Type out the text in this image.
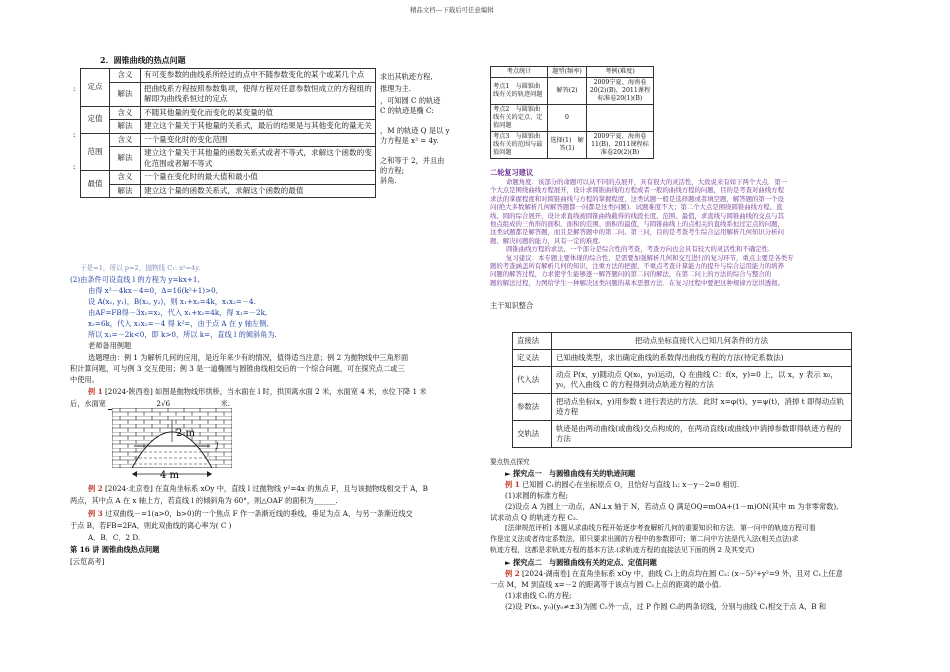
精品文档---下载后可任意编辑
2．圆锥曲线的热点问题
:
:
:
求出其轨迹方程,
推理为主.
，可知圆 C 的轨迹
C 的轨迹是椭 C:
，M 的轨迹 Q 是以 y
力方程是 x² = 4y.
之和等于 2，并且由
的方程;
斜角.
定点	含义	有可变参数的曲线系所经过的点中不随参数变化的某个或某几个点
	解法	把曲线系方程按照参数集项，使得方程对任意参数恒成立的方程组的解即为曲线系恒过的定点
定值	含义	不随其他量的变化而变化的某变量的值
	解法	建立这个量关于其他量的关系式，最后的结果是与其他变化的量无关
范围	含义	一个量变化时的变化范围
	解法	建立这个量关于其他量的函数关系式或者不等式，求解这个函数的变化范围或者解不等式
最值	含义	一个量在变化时的最大值和最小值
	解法	建立这个量的函数关系式，求解这个函数的最值
于是=1，所以 p=2，抛物线 C₁: x²=4y.
(2)由条件可设直线 l 的方程为 y=kx+1,
由得 x²－4kx－4=0，Δ=16(k²+1)>0,
设 A(x₁, y₁)，B(x₂, y₂)，则 x₁+x₂=4k，x₁x₂=－4.
由AF=FB得－3x₁=x₂，代入 x₁+x₂=4k，得 x₁=－2k,
x₂=6k，代入 x₁x₂=－4 得 k²=，由于点 A 在 y 轴左侧,
所以 x₁=－2k<0，即 k>0，所以 k=，直线 l 的倾斜角为.
老师备用例题
选题理由：例 1 为解析几何的应用，是近年来少有的情况，值得适当注意；例 2 为抛物线中三角形面
积计算问题，可与例 3 交互使用；例 3 是一道椭圆与圆锥曲线相交后的一个综合问题，可在探究点二或三
中使用。
例 1 [2024·陕西卷] 如图是抛物线形拱桥，当水面在 l 时，拱顶离水面 2 米，水面宽 4 米，水位下降 1 米
后，水面宽	2√6	米.
2 m
l
4 m
例 2 [2024·北京卷] 在直角坐标系 xOy 中，直线 l 过抛物线 y²=4x 的焦点 F，且与该抛物线相交于 A，B
两点，其中点 A 在 x 轴上方，若直线 l 的倾斜角为 60°，则△OAF 的面积为______.
例 3 过双曲线－=1(a>0，b>0)的一个焦点 F 作一条渐近线的垂线，垂足为点 A，与另一条渐近线交
于点 B，若FB=2FA，则此双曲线的离心率为( C )
A．B．C．2 D.
第 16 讲 圆锥曲线热点问题
[云览高考]
考点统计	题型(频率)	考例(难度)
考点1　与圆锥曲线有关的轨迹问题	解答(2)	2009宁夏、海南卷20(2)(B)，2011课程标准卷20(1)(B)
考点2　与圆锥曲线有关的定点、定值问题	0	
考点3　与圆锥曲线有关的范围与最值问题	选择(1)　解答(1)	2009宁夏、海南卷11(B)，2011课程标准卷20(2)(B)
二轮复习建议
命题角度：该部分的命题可以从不同的点展开，具有很大的灵活性，大致说来有如下两个大点．第一
个大点是围绕曲线方程展开，设计求圆锥曲线的方程或者一般的曲线方程的问题，目的是考查对曲线方程
求法的掌握程度和对圆锥曲线与方程的掌握程度，这类试题一般是选择题或者填空题，解答题的第一个设
问(绝大多数解析几何解答题都一问都是这类问题)．试题难度不大；第二个大点是围绕圆锥曲线方程、直
线、圆的综合展开，设计求直线被圆锥曲线截得的线段长度、范围、最值，求直线与圆锥曲线的交点与其
他点组成的三角形的面积、面积的范围、面积的最值，与圆锥曲线上的点相关的直线系恒过定点的问题，
这类试题都是解答题，而且是解答题中的第二问、第三问，目的是考查考生综合运用解析几何知识分析问
题、解决问题的能力，具有一定的难度.
圆锥曲线方程的求法，一个部分是综合性的考查，考查方向也会具有较大的灵活性和不确定性.
复习建议：本专题主要体现的综合性，是需要加强解析几何和交互进行的复习环节，重点主要是各类专
题的考查涵盖所有解析几何的知识，注重方法的把握，不重点考查计算能力的提升与综合运用能力的培养
问题的解答过程，力求使学生能够逐一解答题问的第二问的解法，在第二问上的方法的综合与整合的
题的解法过程，力图给学生一种解决这类问题的基本思想方法．在复习过程中要把这种规律方法讲透彻。
主干知识整合
直接法	把动点坐标直接代入已知几何条件的方法
定义法	已知曲线类型，求出确定曲线的系数得出曲线方程的方法(待定系数法)
代入法	动点 P(x，y)随动点 Q(x₀，y₀)运动，Q 在曲线 C：f(x，y)=0 上，以 x，y 表示 x₀，y₀，代入曲线 C 的方程得到动点轨迹方程的方法
参数法	把动点坐标(x，y)用参数 t 进行表达的方法．此时 x=φ(t)，y=ψ(t)，消掉 t 即得动点轨迹方程
交轨法	轨迹是由两动曲线(或曲线)交点构成的，在两动直线(或曲线)中消掉参数即得轨迹方程的方法
要点热点探究
► 探究点一　与圆锥曲线有关的轨迹问题
例 1 已知圆 C₁的圆心在坐标原点 O，且恰好与直线 l₁: x－y－2=0 相切.
(1)求圆的标准方程;
(2)设点 A 为圆上一动点，AN⊥x 轴于 N，若动点 Q 满足OQ=mOA+(1－m)ON(其中 m 为非零常数),
试求动点 Q 的轨迹方程 C₂.
[法律规范评析] 本题从求曲线方程开始逐步考查解析几何的重要知识和方法．第一问中的轨迹方程可看
作是定义法或者待定系数法，即只要求出圆的方程中的参数即可；第二问中方法是代入法(相关点法)求
轨迹方程，这都是求轨迹方程的基本方法.(求轨迹方程的直接法见下面的例 2 及其变式)
► 探究点二　与圆锥曲线有关的定点、定值问题
例 2 [2024·湖南卷] 在直角坐标系 xOy 中，曲线 C₁上的点均在圆 C₂: (x－5)²+y²=9 外，且对 C₁上任意
一点 M，M 到直线 x=－2 的距离等于该点与圆 C₂上点的距离的最小值.
(1)求曲线 C₁的方程;
(2)设 P(x₀, y₀)(y₀≠±3)为圆 C₂外一点，过 P 作圆 C₂的两条切线，分别与曲线 C₁相交于点 A，B 和
